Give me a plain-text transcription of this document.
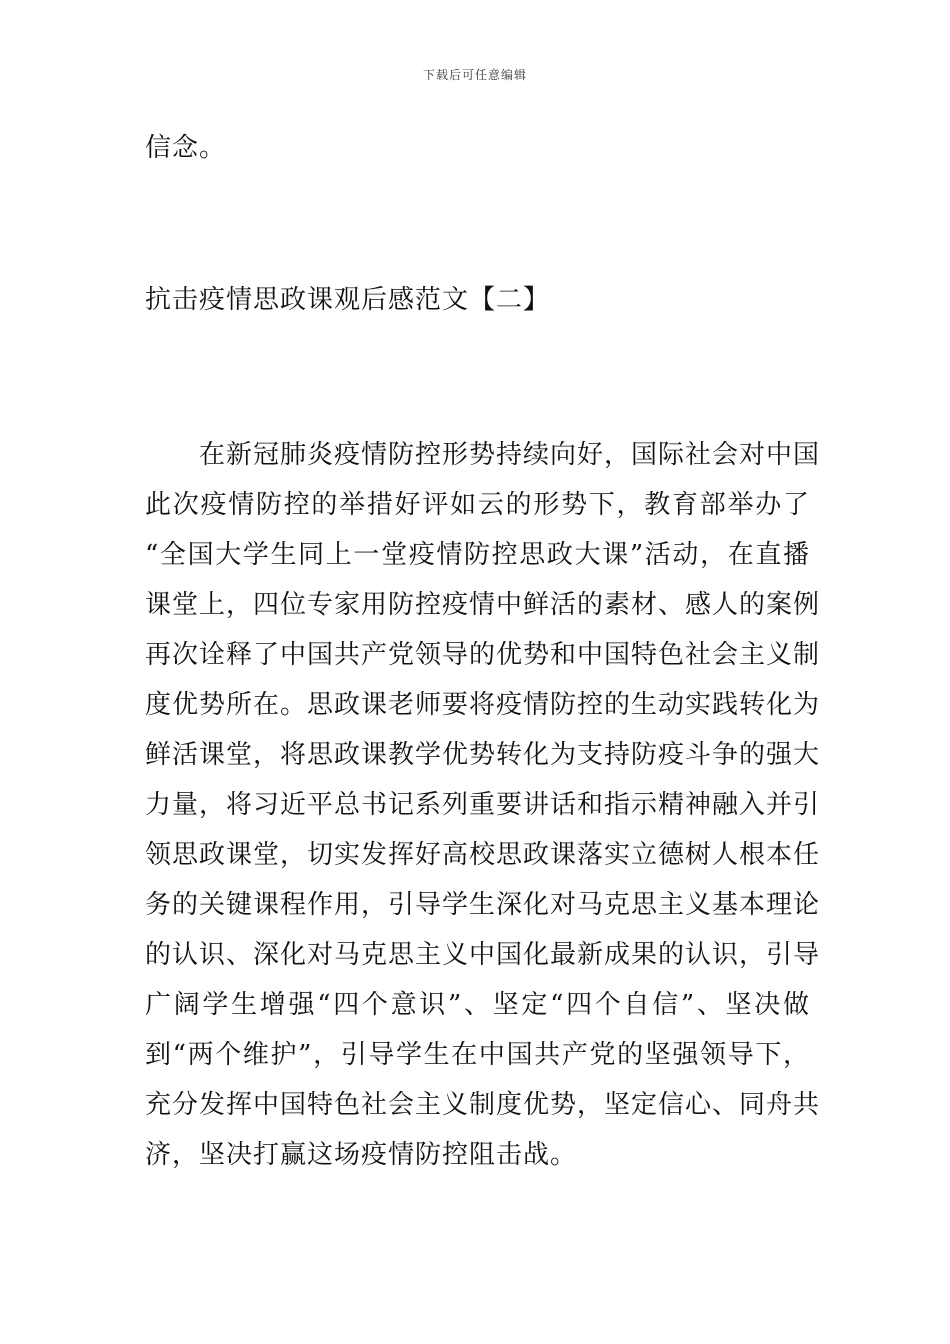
下载后可任意编辑
信念。
抗击疫情思政课观后感范文【二】
　　在新冠肺炎疫情防控形势持续向好，国际社会对中国
此次疫情防控的举措好评如云的形势下，教育部举办了
“全国大学生同上一堂疫情防控思政大课”活动，在直播
课堂上，四位专家用防控疫情中鲜活的素材、感人的案例
再次诠释了中国共产党领导的优势和中国特色社会主义制
度优势所在。思政课老师要将疫情防控的生动实践转化为
鲜活课堂，将思政课教学优势转化为支持防疫斗争的强大
力量，将习近平总书记系列重要讲话和指示精神融入并引
领思政课堂，切实发挥好高校思政课落实立德树人根本任
务的关键课程作用，引导学生深化对马克思主义基本理论
的认识、深化对马克思主义中国化最新成果的认识，引导
广阔学生增强“四个意识”、坚定“四个自信”、坚决做
到“两个维护”，引导学生在中国共产党的坚强领导下，
充分发挥中国特色社会主义制度优势，坚定信心、同舟共
济，坚决打赢这场疫情防控阻击战。
